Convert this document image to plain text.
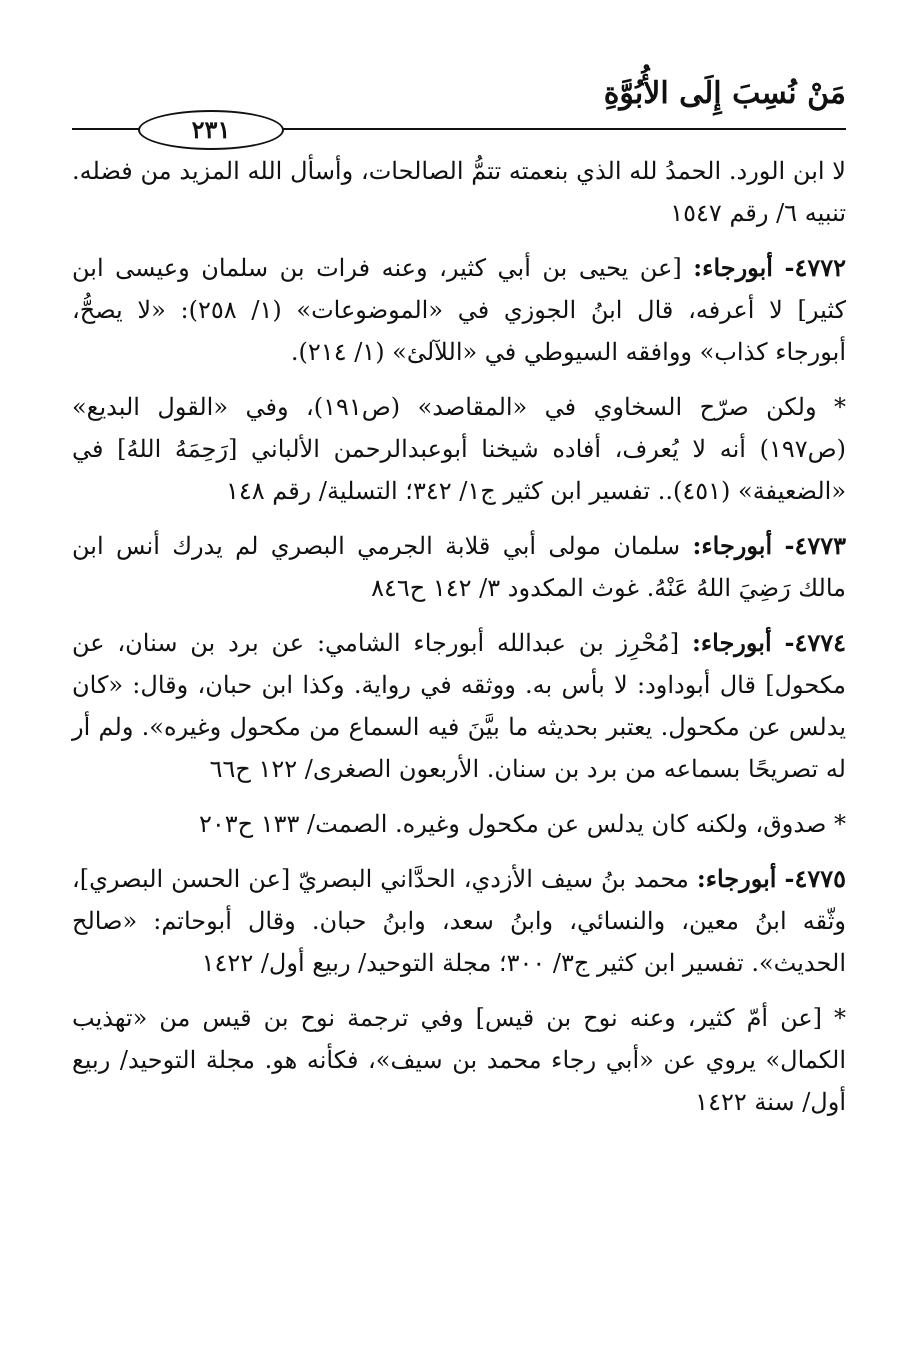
مَنْ نُسِبَ إِلَى الأُبُوَّةِ
٢٣١

لا ابن الورد. الحمدُ لله الذي بنعمته تتمُّ الصالحات، وأسأل الله المزيد من فضله. تنبيه ٦/ رقم ١٥٤٧

٤٧٧٢- أبورجاء: [عن يحيى بن أبي كثير، وعنه فرات بن سلمان وعيسى ابن كثير] لا أعرفه، قال ابنُ الجوزي في «الموضوعات» (١/ ٢٥٨): «لا يصحُّ، أبورجاء كذاب» ووافقه السيوطي في «اللآلئ» (١/ ٢١٤).

* ولكن صرّح السخاوي في «المقاصد» (ص١٩١)، وفي «القول البديع» (ص١٩٧) أنه لا يُعرف، أفاده شيخنا أبوعبدالرحمن الألباني [رَحِمَهُ اللهُ] في «الضعيفة» (٤٥١).. تفسير ابن كثير ج١/ ٣٤٢؛ التسلية/ رقم ١٤٨

٤٧٧٣- أبورجاء: سلمان مولى أبي قلابة الجرمي البصري لم يدرك أنس ابن مالك رَضِيَ اللهُ عَنْهُ. غوث المكدود ٣/ ١٤٢ ح٨٤٦

٤٧٧٤- أبورجاء: [مُحْرِز بن عبدالله أبورجاء الشامي: عن برد بن سنان، عن مكحول] قال أبوداود: لا بأس به. ووثقه في رواية. وكذا ابن حبان، وقال: «كان يدلس عن مكحول. يعتبر بحديثه ما بيَّنَ فيه السماع من مكحول وغيره». ولم أر له تصريحًا بسماعه من برد بن سنان. الأربعون الصغرى/ ١٢٢ ح٦٦

* صدوق، ولكنه كان يدلس عن مكحول وغيره. الصمت/ ١٣٣ ح٢٠٣

٤٧٧٥- أبورجاء: محمد بنُ سيف الأزدي، الحدَّاني البصريّ [عن الحسن البصري]، وثّقه ابنُ معين، والنسائي، وابنُ سعد، وابنُ حبان. وقال أبوحاتم: «صالح الحديث». تفسير ابن كثير ج٣/ ٣٠٠؛ مجلة التوحيد/ ربيع أول/ ١٤٢٢

* [عن أمّ كثير، وعنه نوح بن قيس] وفي ترجمة نوح بن قيس من «تهذيب الكمال» يروي عن «أبي رجاء محمد بن سيف»، فكأنه هو. مجلة التوحيد/ ربيع أول/ سنة ١٤٢٢
